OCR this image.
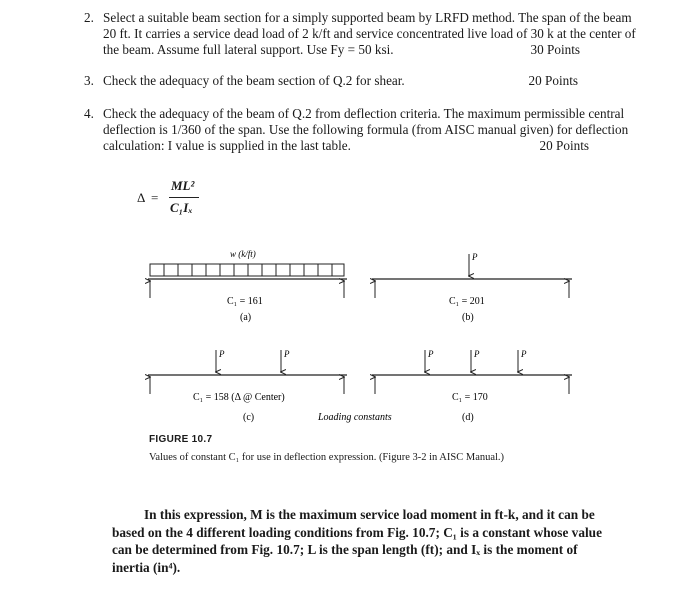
2. Select a suitable beam section for a simply supported beam by LRFD method. The span of the beam
20 ft. It carries a service dead load of 2 k/ft and service concentrated live load of 30 k at the center of
the beam. Assume full lateral support. Use Fy = 50 ksi.	30 Points
3. Check the adequacy of the beam section of Q.2 for shear.	20 Points
4. Check the adequacy of the beam of Q.2 from deflection criteria. The maximum permissible central
deflection is 1/360 of the span. Use the following formula (from AISC manual given) for deflection
calculation: I value is supplied in the last table.	20 Points
Δ =
ML²
C₁Iₓ
w (k/ft)
C₁ = 161
(a)
P
C₁ = 201
(b)
P	P
C₁ = 158 (Δ @ Center)
(c)	Loading constants
P	P	P
C₁ = 170
(d)
FIGURE 10.7
Values of constant C₁ for use in deflection expression. (Figure 3-2 in AISC Manual.)
In this expression, M is the maximum service load moment in ft-k, and it can be
based on the 4 different loading conditions from Fig. 10.7; C₁ is a constant whose value
can be determined from Fig. 10.7; L is the span length (ft); and Iₓ is the moment of
inertia (in⁴).
